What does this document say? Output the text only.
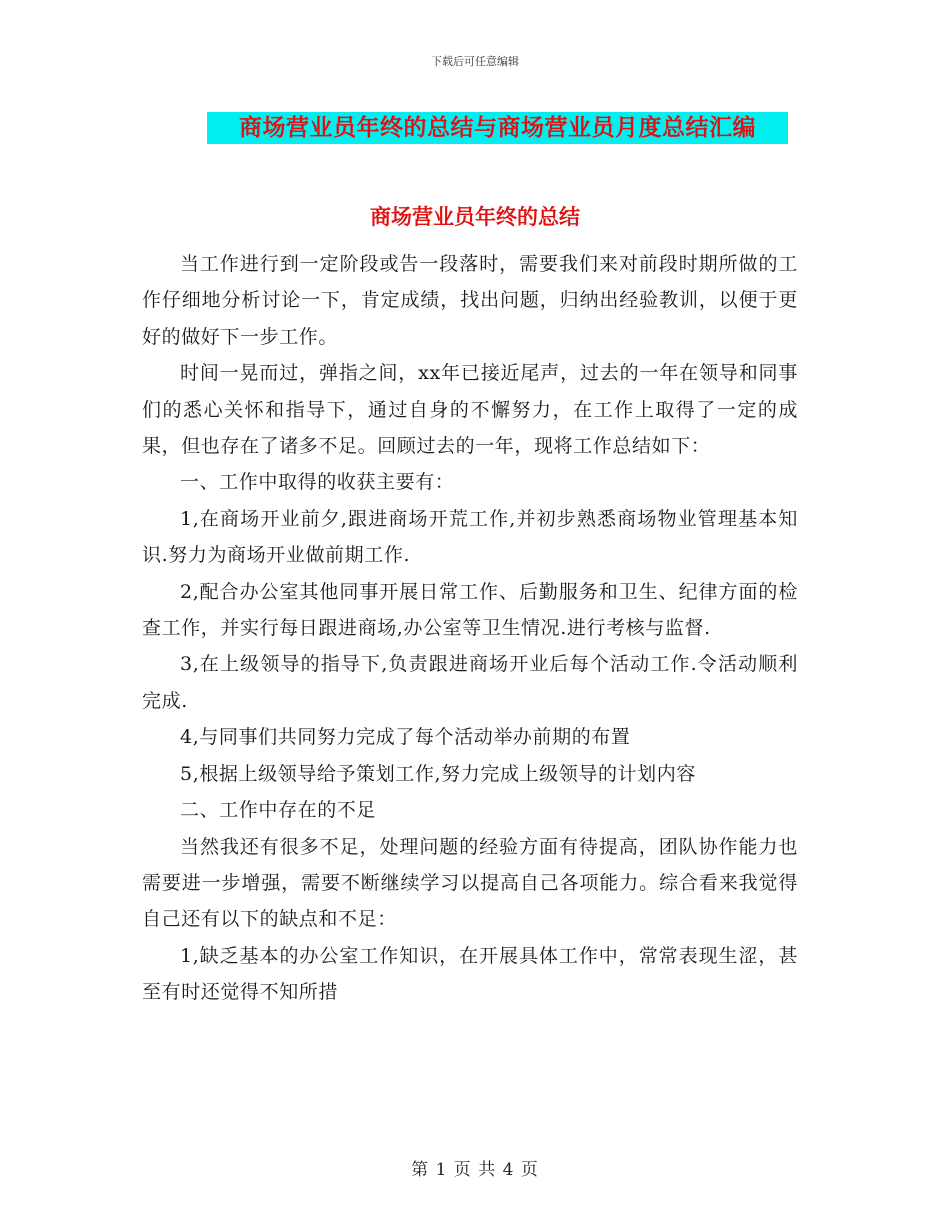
下载后可任意编辑
商场营业员年终的总结与商场营业员月度总结汇编
商场营业员年终的总结

当工作进行到一定阶段或告一段落时，需要我们来对前段时期所做的工作仔细地分析讨论一下，肯定成绩，找出问题，归纳出经验教训，以便于更好的做好下一步工作。

时间一晃而过，弹指之间，xx年已接近尾声，过去的一年在领导和同事们的悉心关怀和指导下，通过自身的不懈努力，在工作上取得了一定的成果，但也存在了诸多不足。回顾过去的一年，现将工作总结如下：

一、工作中取得的收获主要有：

1,在商场开业前夕,跟进商场开荒工作,并初步熟悉商场物业管理基本知识.努力为商场开业做前期工作.

2,配合办公室其他同事开展日常工作、后勤服务和卫生、纪律方面的检查工作，并实行每日跟进商场,办公室等卫生情况.进行考核与监督.

3,在上级领导的指导下,负责跟进商场开业后每个活动工作.令活动顺利完成.

4,与同事们共同努力完成了每个活动举办前期的布置

5,根据上级领导给予策划工作,努力完成上级领导的计划内容

二、工作中存在的不足

当然我还有很多不足，处理问题的经验方面有待提高，团队协作能力也需要进一步增强，需要不断继续学习以提高自己各项能力。综合看来我觉得自己还有以下的缺点和不足：

1,缺乏基本的办公室工作知识，在开展具体工作中，常常表现生涩，甚至有时还觉得不知所措

第 1 页 共 4 页
